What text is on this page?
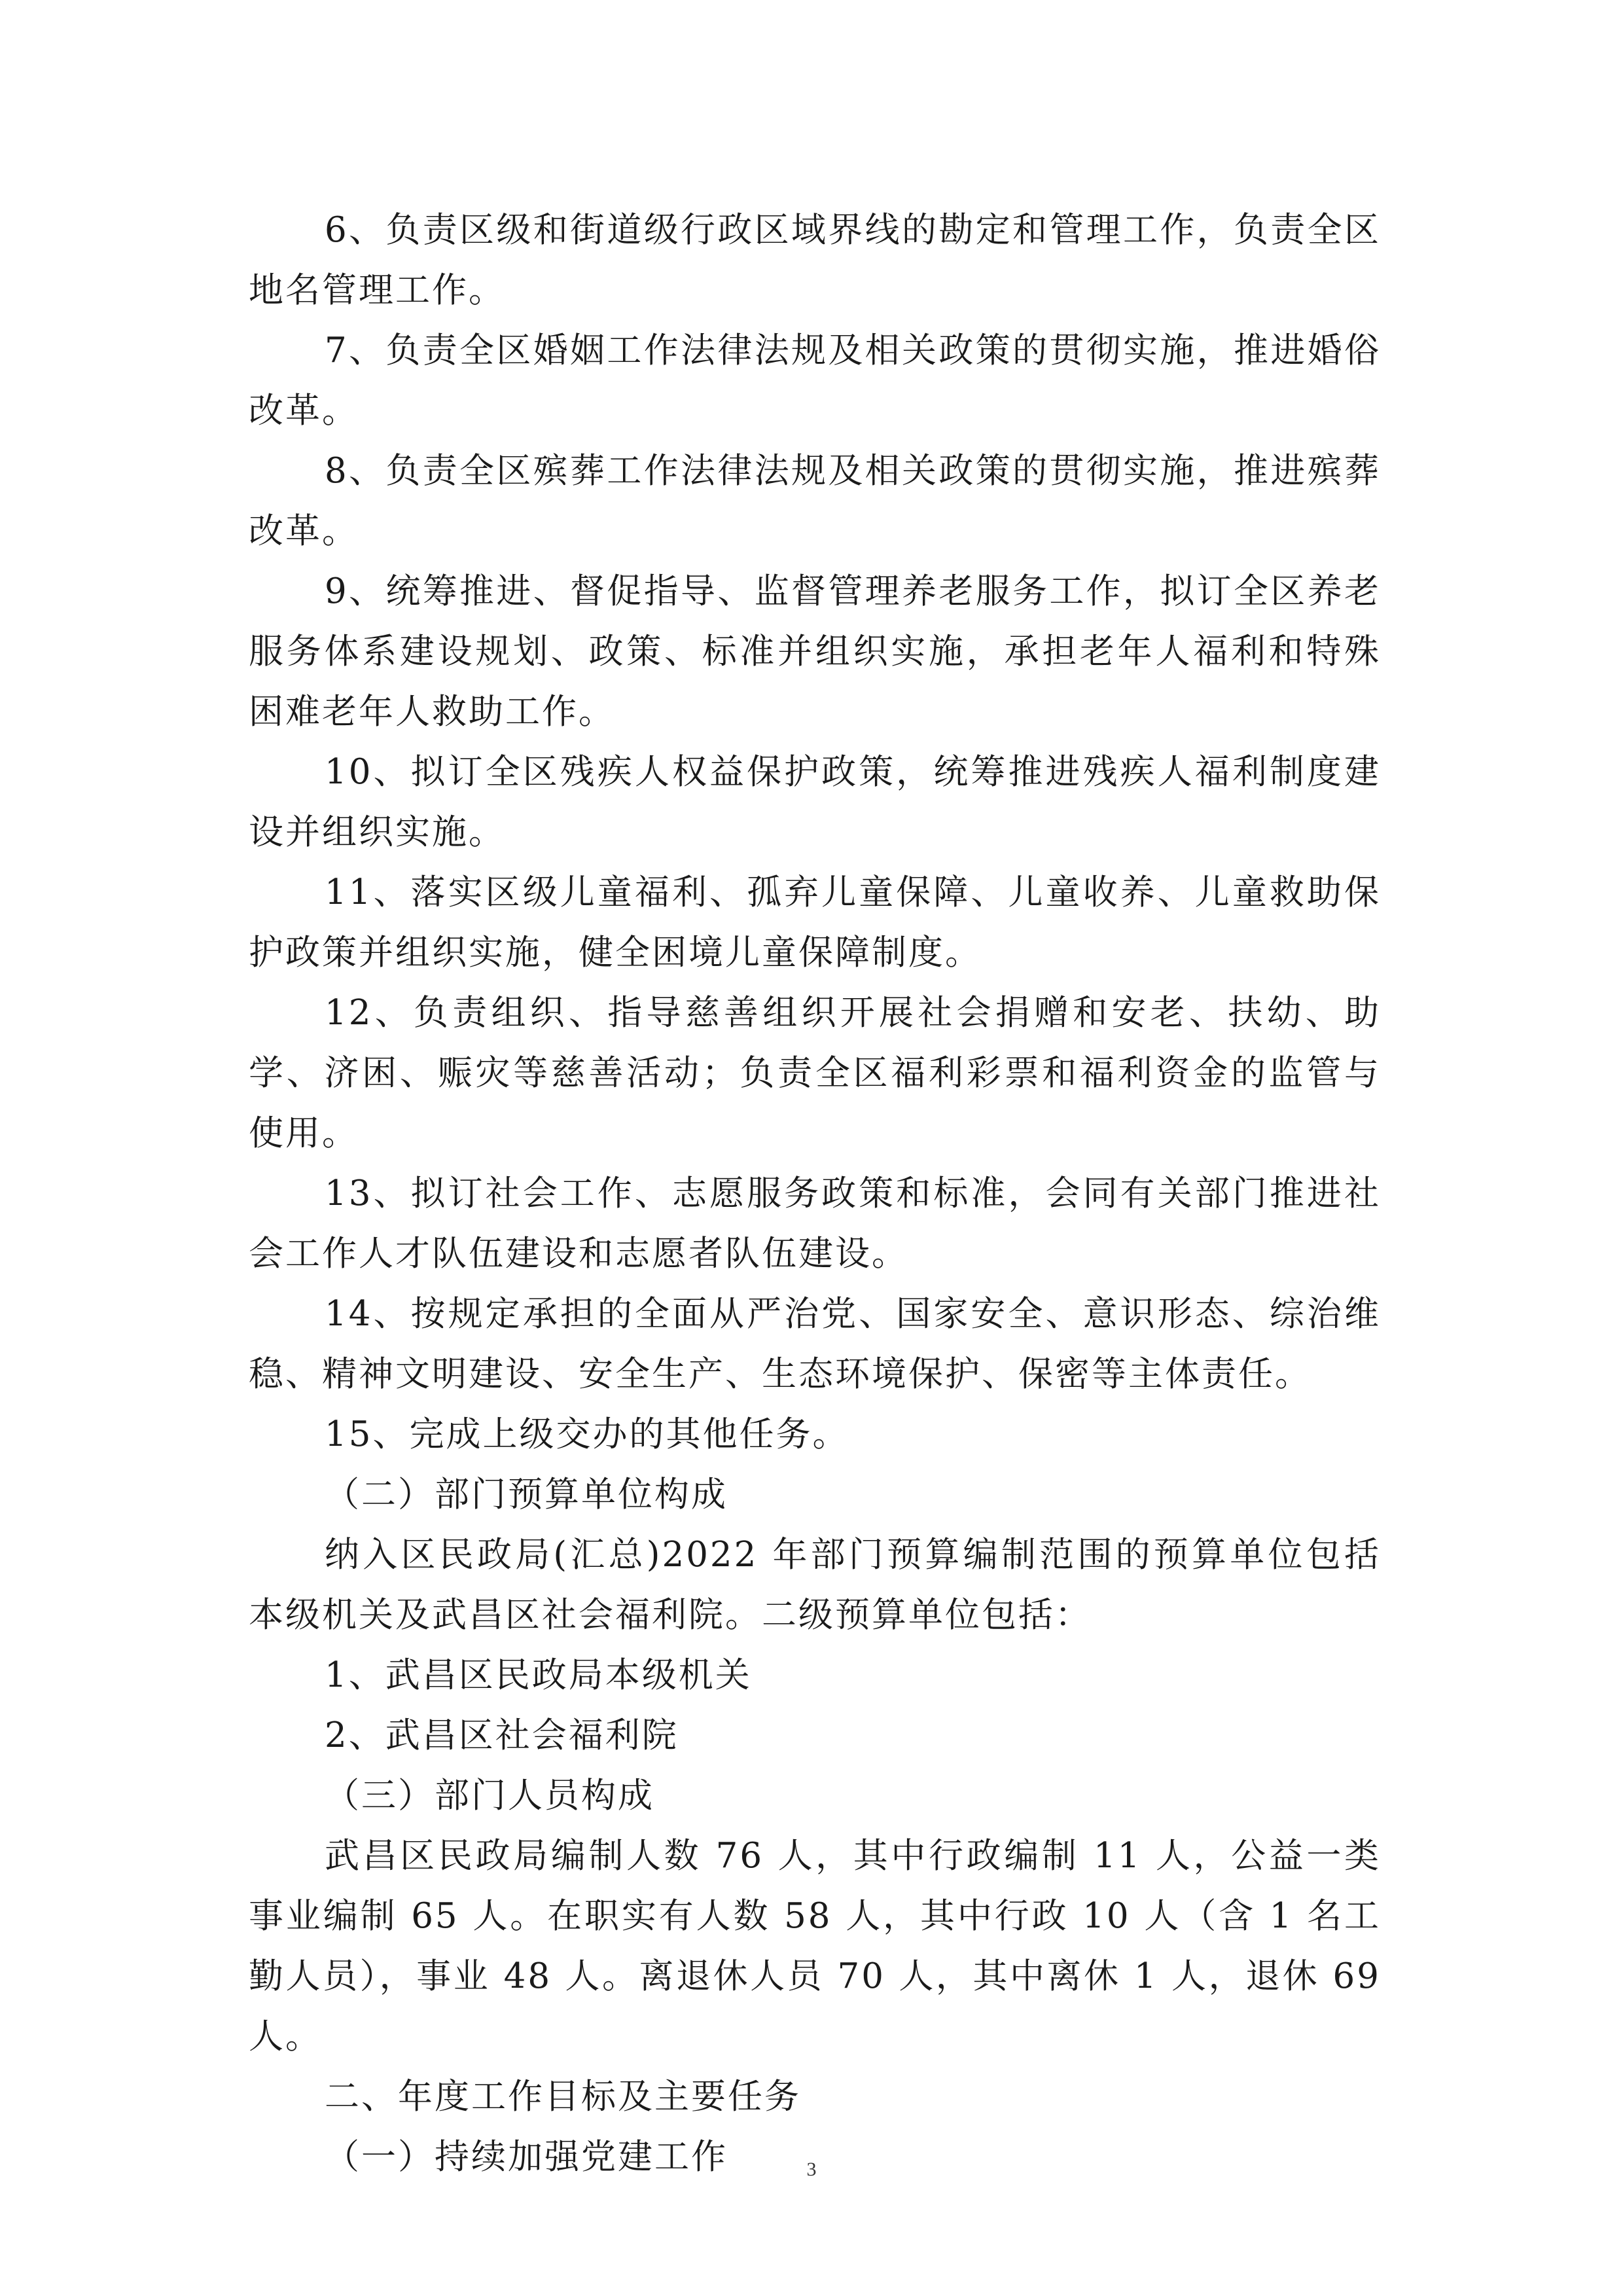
6、负责区级和街道级行政区域界线的勘定和管理工作，负责全区地名管理工作。

7、负责全区婚姻工作法律法规及相关政策的贯彻实施，推进婚俗改革。

8、负责全区殡葬工作法律法规及相关政策的贯彻实施，推进殡葬改革。

9、统筹推进、督促指导、监督管理养老服务工作，拟订全区养老服务体系建设规划、政策、标准并组织实施，承担老年人福利和特殊困难老年人救助工作。

10、拟订全区残疾人权益保护政策，统筹推进残疾人福利制度建设并组织实施。

11、落实区级儿童福利、孤弃儿童保障、儿童收养、儿童救助保护政策并组织实施，健全困境儿童保障制度。

12、负责组织、指导慈善组织开展社会捐赠和安老、扶幼、助学、济困、赈灾等慈善活动；负责全区福利彩票和福利资金的监管与使用。

13、拟订社会工作、志愿服务政策和标准，会同有关部门推进社会工作人才队伍建设和志愿者队伍建设。

14、按规定承担的全面从严治党、国家安全、意识形态、综治维稳、精神文明建设、安全生产、生态环境保护、保密等主体责任。

15、完成上级交办的其他任务。

（二）部门预算单位构成

纳入区民政局(汇总)2022 年部门预算编制范围的预算单位包括本级机关及武昌区社会福利院。二级预算单位包括：

1、武昌区民政局本级机关

2、武昌区社会福利院

（三）部门人员构成

武昌区民政局编制人数 76 人，其中行政编制 11 人，公益一类事业编制 65 人。在职实有人数 58 人，其中行政 10 人（含 1 名工勤人员），事业 48 人。离退休人员 70 人，其中离休 1 人，退休 69 人。

二、年度工作目标及主要任务

（一）持续加强党建工作	3
